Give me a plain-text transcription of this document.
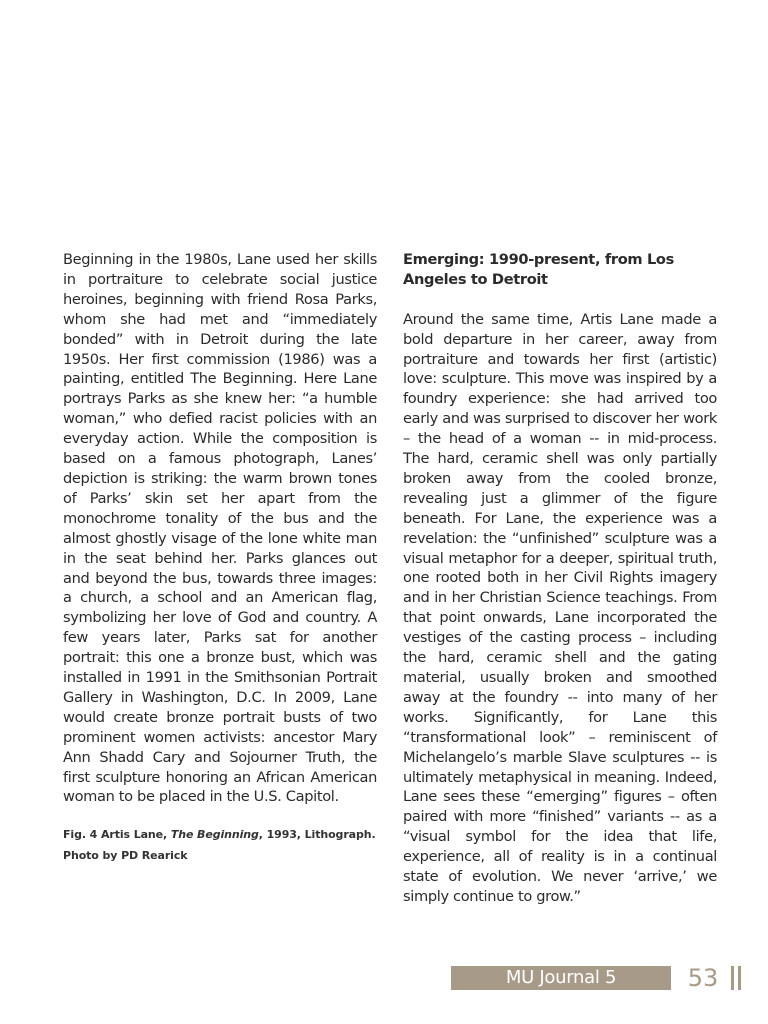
Beginning in the 1980s, Lane used her skills in portraiture to celebrate social justice heroines, beginning with friend Rosa Parks, whom she had met and “immediately bonded” with in Detroit during the late 1950s. Her first commission (1986) was a painting, entitled The Beginning. Here Lane portrays Parks as she knew her: “a humble woman,” who defied racist policies with an everyday action. While the composition is based on a famous photograph, Lanes’ depiction is striking: the warm brown tones of Parks’ skin set her apart from the monochrome tonality of the bus and the almost ghostly visage of the lone white man in the seat behind her. Parks glances out and beyond the bus, towards three images: a church, a school and an American flag, symbolizing her love of God and country. A few years later, Parks sat for another portrait: this one a bronze bust, which was installed in 1991 in the Smithsonian Portrait Gallery in Washington, D.C. In 2009, Lane would create bronze portrait busts of two prominent women activists: ancestor Mary Ann Shadd Cary and Sojourner Truth, the first sculpture honoring an African American woman to be placed in the U.S. Capitol.

Fig. 4 Artis Lane, The Beginning, 1993, Lithograph. Photo by PD Rearick

Emerging: 1990-present, from Los Angeles to Detroit

Around the same time, Artis Lane made a bold departure in her career, away from portraiture and towards her first (artistic) love: sculpture. This move was inspired by a foundry experience: she had arrived too early and was surprised to discover her work – the head of a woman -- in mid-process. The hard, ceramic shell was only partially broken away from the cooled bronze, revealing just a glimmer of the figure beneath. For Lane, the experience was a revelation: the “unfinished” sculpture was a visual metaphor for a deeper, spiritual truth, one rooted both in her Civil Rights imagery and in her Christian Science teachings. From that point onwards, Lane incorporated the vestiges of the casting process – including the hard, ceramic shell and the gating material, usually broken and smoothed away at the foundry -- into many of her works. Significantly, for Lane this “transformational look” – reminiscent of Michelangelo’s marble Slave sculptures -- is ultimately metaphysical in meaning. Indeed, Lane sees these “emerging” figures – often paired with more “finished” variants -- as a “visual symbol for the idea that life, experience, all of reality is in a continual state of evolution. We never ‘arrive,’ we simply continue to grow.”

MU Journal 5	53
